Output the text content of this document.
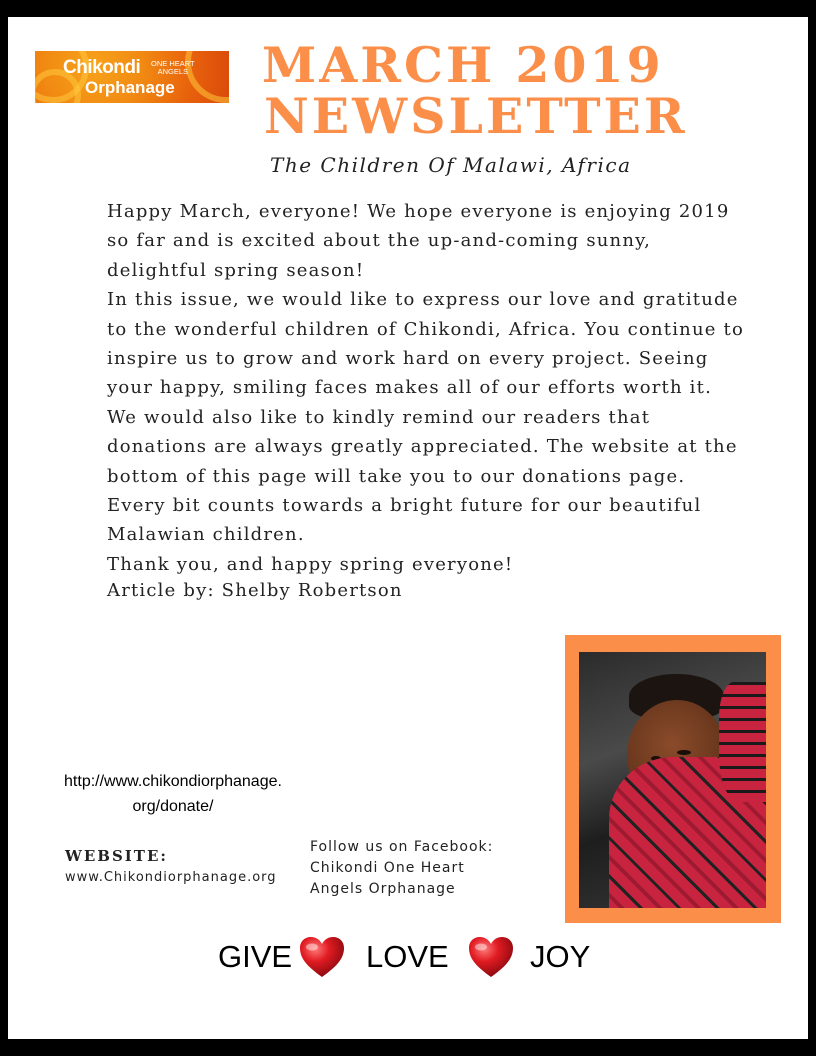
Chikondi ONE HEART
ANGELS
Orphanage MARCH 2019
NEWSLETTER
The Children Of Malawi, Africa

Happy March, everyone! We hope everyone is enjoying 2019 so far and is excited about the up-and-coming sunny, delightful spring season!

In this issue, we would like to express our love and gratitude to the wonderful children of Chikondi, Africa. You continue to inspire us to grow and work hard on every project. Seeing your happy, smiling faces makes all of our efforts worth it.

We would also like to kindly remind our readers that donations are always greatly appreciated. The website at the bottom of this page will take you to our donations page. Every bit counts towards a bright future for our beautiful Malawian children.

Thank you, and happy spring everyone!

Article by: Shelby Robertson
http://www.chikondiorphanage.
org/donate/
WEBSITE:
www.Chikondiorphanage.org
Follow us on Facebook:
Chikondi One Heart
Angels Orphanage
GIVE LOVE	JOY
